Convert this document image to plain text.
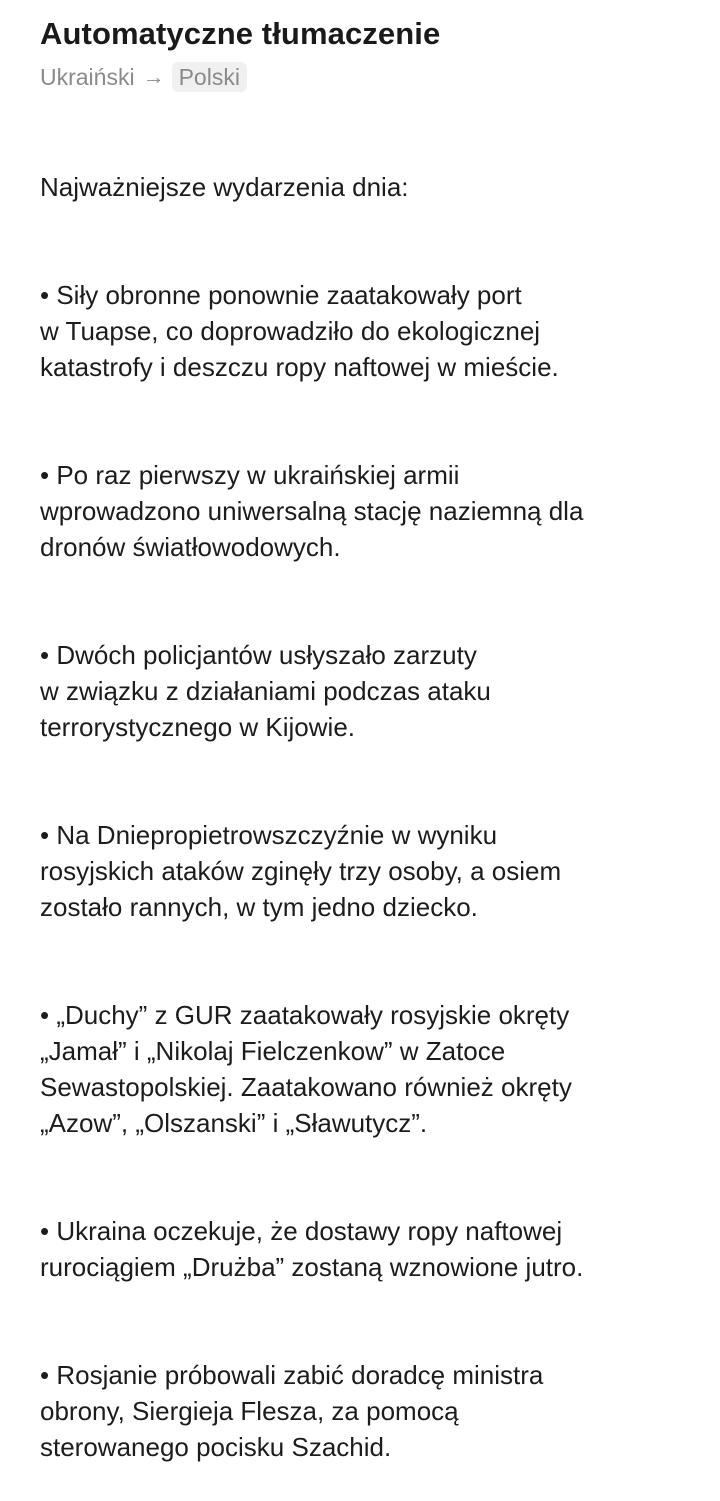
Automatyczne tłumaczenie
Ukraiński → Polski

Najważniejsze wydarzenia dnia:

• Siły obronne ponownie zaatakowały port
w Tuapse, co doprowadziło do ekologicznej
katastrofy i deszczu ropy naftowej w mieście.

• Po raz pierwszy w ukraińskiej armii
wprowadzono uniwersalną stację naziemną dla
dronów światłowodowych.

• Dwóch policjantów usłyszało zarzuty
w związku z działaniami podczas ataku
terrorystycznego w Kijowie.

• Na Dniepropietrowszczyźnie w wyniku
rosyjskich ataków zginęły trzy osoby, a osiem
zostało rannych, w tym jedno dziecko.

• „Duchy” z GUR zaatakowały rosyjskie okręty
„Jamał” i „Nikolaj Fielczenkow” w Zatoce
Sewastopolskiej. Zaatakowano również okręty
„Azow”, „Olszanski” i „Sławutycz”.

• Ukraina oczekuje, że dostawy ropy naftowej
rurociągiem „Drużba” zostaną wznowione jutro.

• Rosjanie próbowali zabić doradcę ministra
obrony, Siergieja Flesza, za pomocą
sterowanego pocisku Szachid.
